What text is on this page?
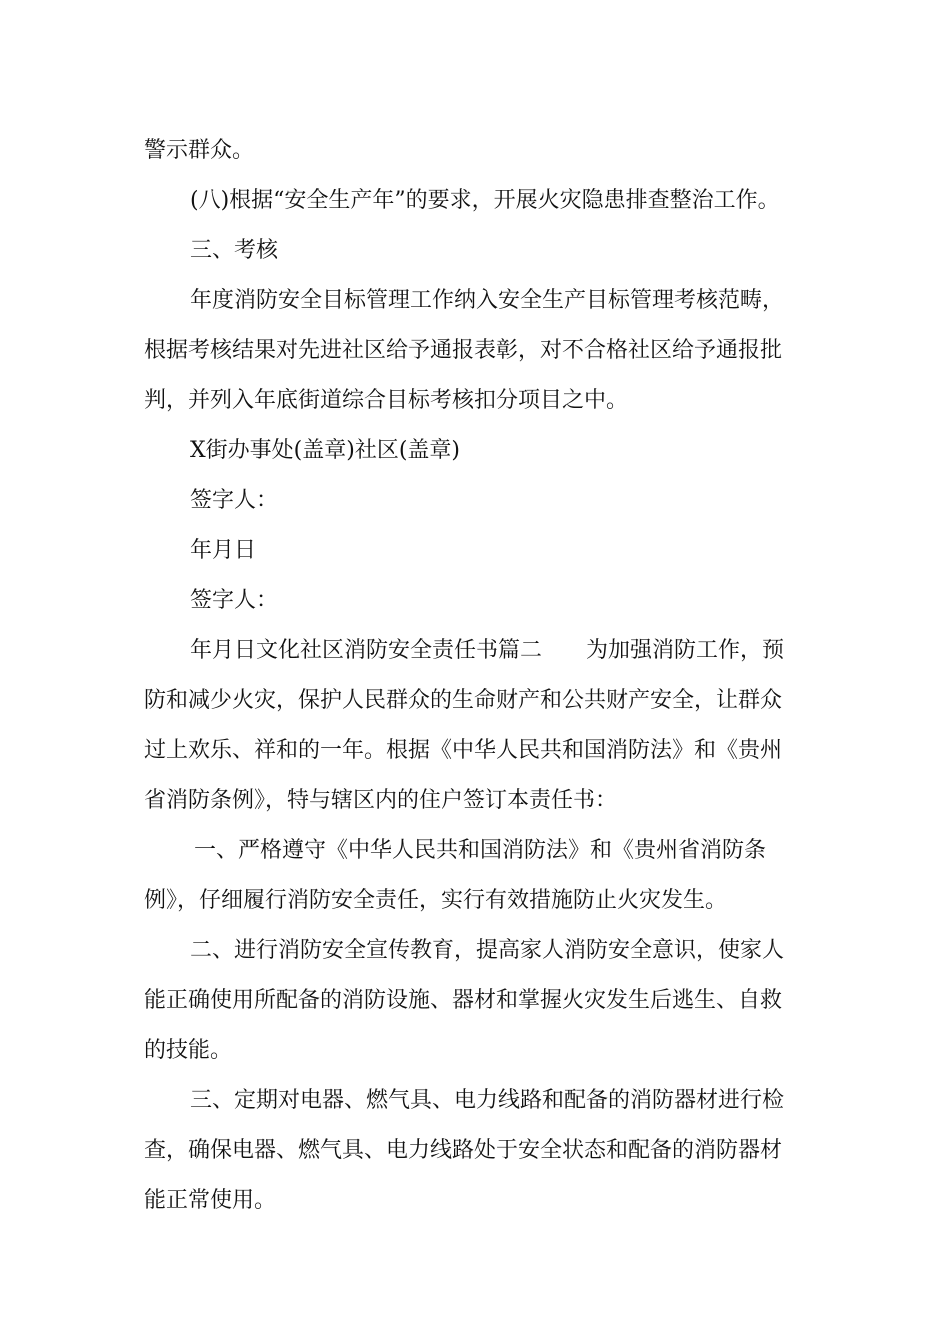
警示群众。

(八)根据“安全生产年”的要求，开展火灾隐患排查整治工作。

三、考核

年度消防安全目标管理工作纳入安全生产目标管理考核范畴，

根据考核结果对先进社区给予通报表彰，对不合格社区给予通报批

判，并列入年底街道综合目标考核扣分项目之中。

X街办事处(盖章)社区(盖章)

签字人：

年月日

签字人：

年月日文化社区消防安全责任书篇二　　为加强消防工作，预

防和减少火灾，保护人民群众的生命财产和公共财产安全，让群众

过上欢乐、祥和的一年。根据《中华人民共和国消防法》和《贵州

省消防条例》，特与辖区内的住户签订本责任书：

一、严格遵守《中华人民共和国消防法》和《贵州省消防条

例》，仔细履行消防安全责任，实行有效措施防止火灾发生。

二、进行消防安全宣传教育，提高家人消防安全意识，使家人

能正确使用所配备的消防设施、器材和掌握火灾发生后逃生、自救

的技能。

三、定期对电器、燃气具、电力线路和配备的消防器材进行检

查，确保电器、燃气具、电力线路处于安全状态和配备的消防器材

能正常使用。
